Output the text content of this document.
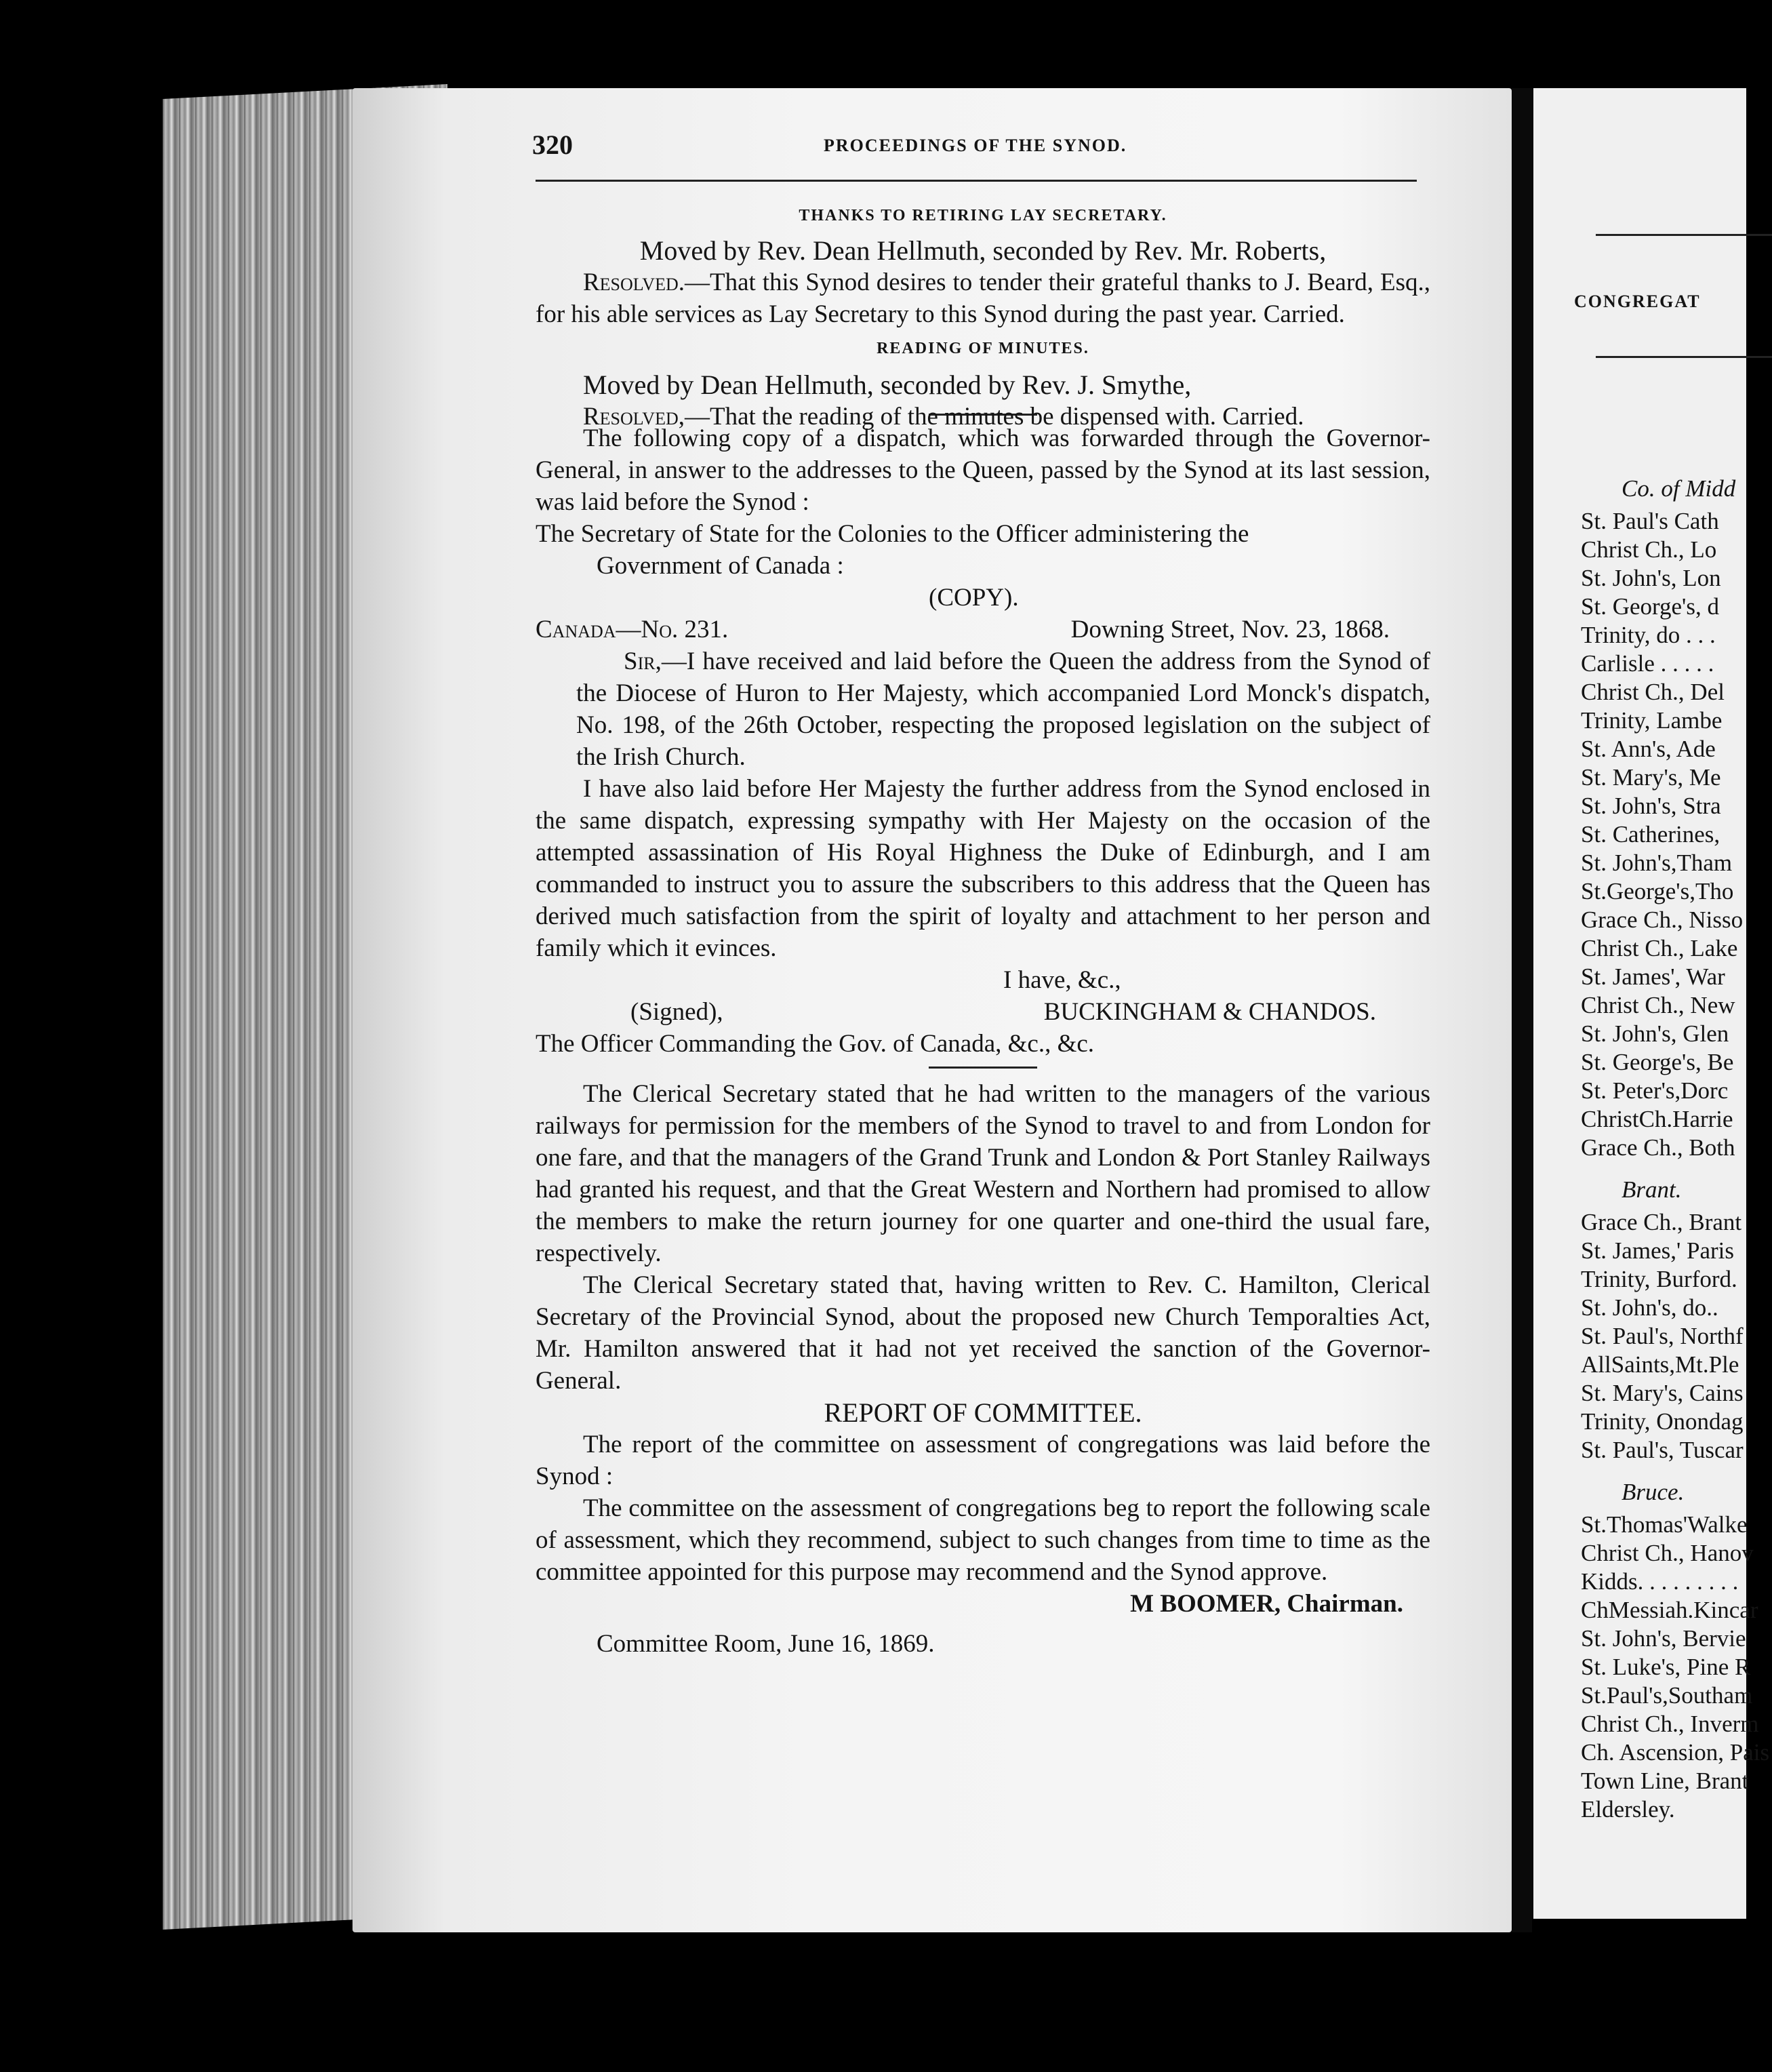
320	PROCEEDINGS OF THE SYNOD.

THANKS TO RETIRING LAY SECRETARY.

Moved by Rev. Dean Hellmuth, seconded by Rev. Mr. Roberts,

Resolved.—That this Synod desires to tender their grateful thanks to J. Beard, Esq., for his able services as Lay Secretary to this Synod during the past year. Carried.

READING OF MINUTES.

Moved by Dean Hellmuth, seconded by Rev. J. Smythe,

Resolved,—That the reading of the minutes be dispensed with. Carried.

The following copy of a dispatch, which was forwarded through the Governor-General, in answer to the addresses to the Queen, passed by the Synod at its last session, was laid before the Synod :

The Secretary of State for the Colonies to the Officer administering the

Government of Canada :

(COPY).

Canada—No. 231.	Downing Street, Nov. 23, 1868.

Sir,—I have received and laid before the Queen the address from the Synod of the Diocese of Huron to Her Majesty, which accompanied Lord Monck's dispatch, No. 198, of the 26th October, respecting the proposed legislation on the subject of the Irish Church.

I have also laid before Her Majesty the further address from the Synod enclosed in the same dispatch, expressing sympathy with Her Majesty on the occasion of the attempted assassination of His Royal Highness the Duke of Edinburgh, and I am commanded to instruct you to assure the subscribers to this address that the Queen has derived much satisfaction from the spirit of loyalty and attachment to her person and family which it evinces.

I have, &c.,

(Signed),	BUCKINGHAM & CHANDOS.

The Officer Commanding the Gov. of Canada, &c., &c.

The Clerical Secretary stated that he had written to the managers of the various railways for permission for the members of the Synod to travel to and from London for one fare, and that the managers of the Grand Trunk and London & Port Stanley Railways had granted his request, and that the Great Western and Northern had promised to allow the members to make the return journey for one quarter and one-third the usual fare, respectively.

The Clerical Secretary stated that, having written to Rev. C. Hamilton, Clerical Secretary of the Provincial Synod, about the proposed new Church Temporalties Act, Mr. Hamilton answered that it had not yet received the sanction of the Governor-General.

REPORT OF COMMITTEE.

The report of the committee on assessment of congregations was laid before the Synod :

The committee on the assessment of congregations beg to report the following scale of assessment, which they recommend, subject to such changes from time to time as the committee appointed for this purpose may recommend and the Synod approve.

M BOOMER, Chairman.

Committee Room, June 16, 1869.

CONGREGAT
Co. of Midd
St. Paul's Cath
Christ Ch., Lo
St. John's, Lon
St. George's, d
Trinity, do . . .
Carlisle . . . . .
Christ Ch., Del
Trinity, Lambe
St. Ann's, Ade
St. Mary's, Me
St. John's, Stra
St. Catherines,
St. John's,Tham
St.George's,Tho
Grace Ch., Nisso
Christ Ch., Lake
St. James', War
Christ Ch., New
St. John's, Glen
St. George's, Be
St. Peter's,Dorc
ChristCh.Harrie
Grace Ch., Both
Brant.
Grace Ch., Brant
St. James,' Paris
Trinity, Burford.
St. John's, do..
St. Paul's, Northf
AllSaints,Mt.Ple
St. Mary's, Cains
Trinity, Onondag
St. Paul's, Tuscar
Bruce.
St.Thomas'Walke
Christ Ch., Hanov
Kidds. . . . . . . . .
ChMessiah.Kincar
St. John's, Bervie
St. Luke's, Pine R
St.Paul's,Southam
Christ Ch., Inverm
Ch. Ascension, Pais
Town Line, Brant
Eldersley.
